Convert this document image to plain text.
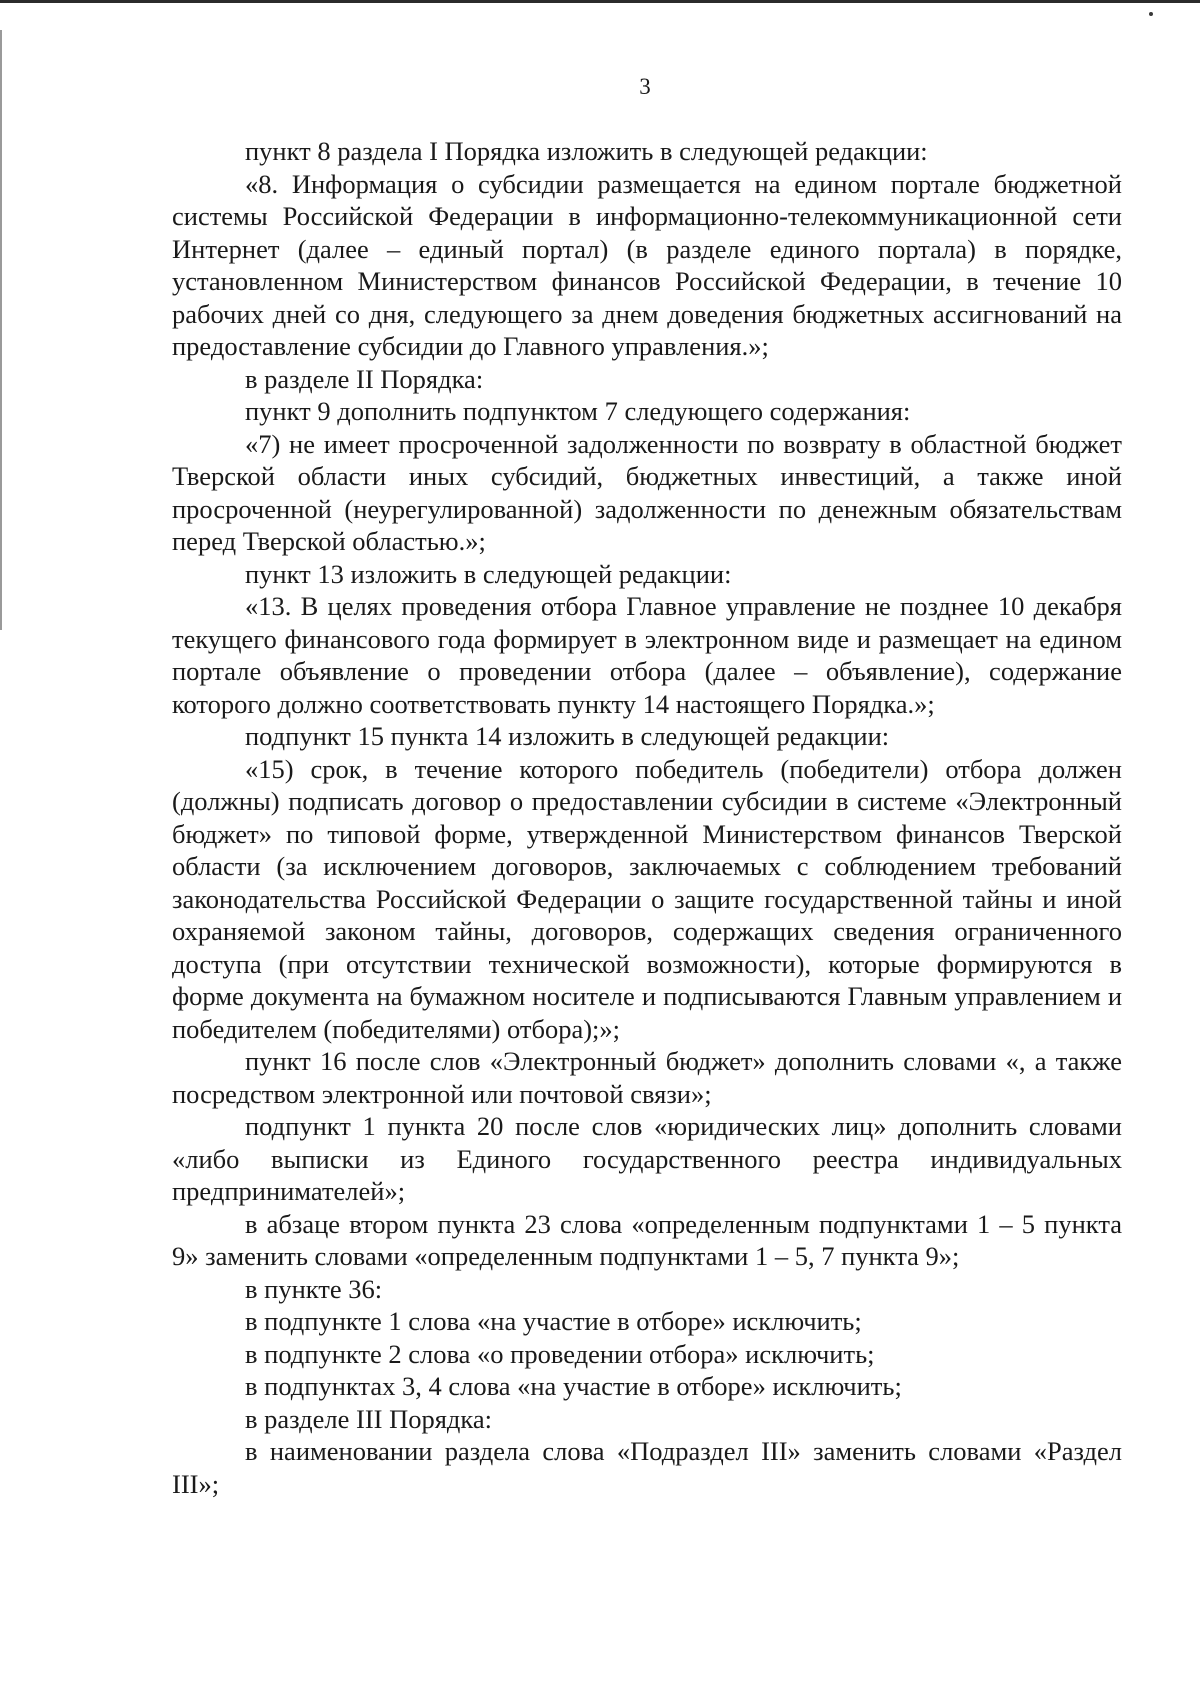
3

пункт 8 раздела I Порядка изложить в следующей редакции:

«8. Информация о субсидии размещается на едином портале бюджетной системы Российской Федерации в информационно-телекоммуникационной сети Интернет (далее – единый портал) (в разделе единого портала) в порядке, установленном Министерством финансов Российской Федерации, в течение 10 рабочих дней со дня, следующего за днем доведения бюджетных ассигнований на предоставление субсидии до Главного управления.»;

в разделе II Порядка:

пункт 9 дополнить подпунктом 7 следующего содержания:

«7) не имеет просроченной задолженности по возврату в областной бюджет Тверской области иных субсидий, бюджетных инвестиций, а также иной просроченной (неурегулированной) задолженности по денежным обязательствам перед Тверской областью.»;

пункт 13 изложить в следующей редакции:

«13. В целях проведения отбора Главное управление не позднее 10 декабря текущего финансового года формирует в электронном виде и размещает на едином портале объявление о проведении отбора (далее – объявление), содержание которого должно соответствовать пункту 14 настоящего Порядка.»;

подпункт 15 пункта 14 изложить в следующей редакции:

«15) срок, в течение которого победитель (победители) отбора должен (должны) подписать договор о предоставлении субсидии в системе «Электронный бюджет» по типовой форме, утвержденной Министерством финансов Тверской области (за исключением договоров, заключаемых с соблюдением требований законодательства Российской Федерации о защите государственной тайны и иной охраняемой законом тайны, договоров, содержащих сведения ограниченного доступа (при отсутствии технической возможности), которые формируются в форме документа на бумажном носителе и подписываются Главным управлением и победителем (победителями) отбора);»;

пункт 16 после слов «Электронный бюджет» дополнить словами «, а также посредством электронной или почтовой связи»;

подпункт 1 пункта 20 после слов «юридических лиц» дополнить словами «либо выписки из Единого государственного реестра индивидуальных предпринимателей»;

в абзаце втором пункта 23 слова «определенным подпунктами 1 – 5 пункта 9» заменить словами «определенным подпунктами 1 – 5, 7 пункта 9»;

в пункте 36:

в подпункте 1 слова «на участие в отборе» исключить;

в подпункте 2 слова «о проведении отбора» исключить;

в подпунктах 3, 4 слова «на участие в отборе» исключить;

в разделе III Порядка:

в наименовании раздела слова «Подраздел III» заменить словами «Раздел III»;
